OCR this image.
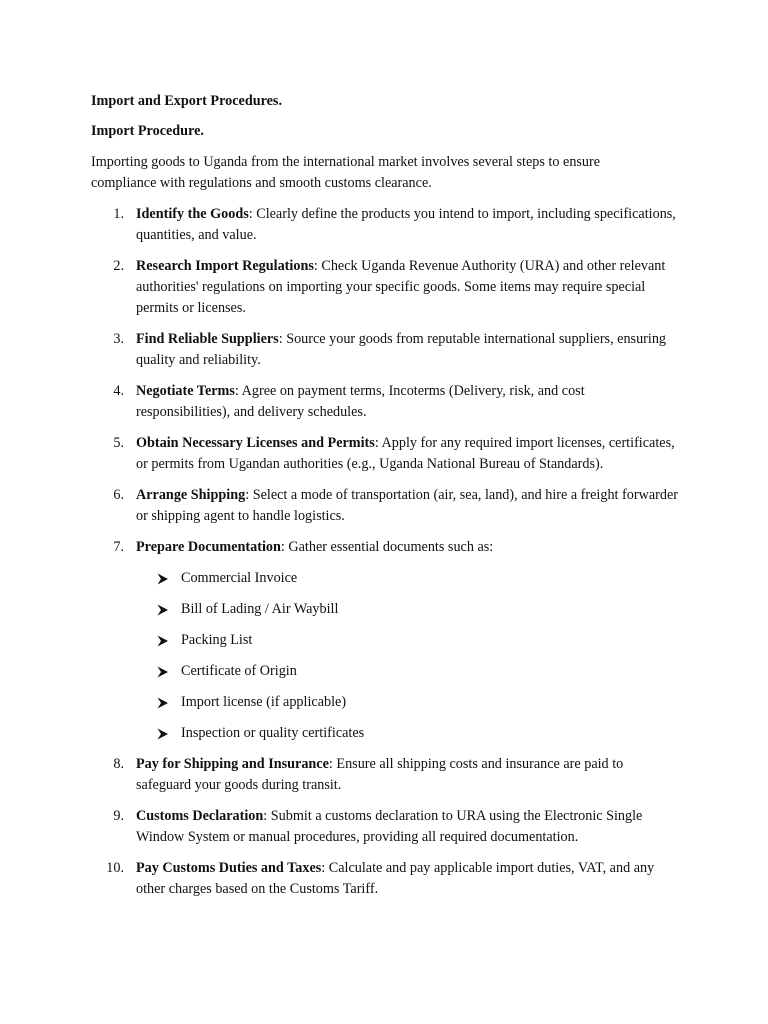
Import and Export Procedures.

Import Procedure.

Importing goods to Uganda from the international market involves several steps to ensure compliance with regulations and smooth customs clearance.

1. Identify the Goods: Clearly define the products you intend to import, including specifications, quantities, and value.
2. Research Import Regulations: Check Uganda Revenue Authority (URA) and other relevant authorities' regulations on importing your specific goods. Some items may require special permits or licenses.
3. Find Reliable Suppliers: Source your goods from reputable international suppliers, ensuring quality and reliability.
4. Negotiate Terms: Agree on payment terms, Incoterms (Delivery, risk, and cost responsibilities), and delivery schedules.
5. Obtain Necessary Licenses and Permits: Apply for any required import licenses, certificates, or permits from Ugandan authorities (e.g., Uganda National Bureau of Standards).
6. Arrange Shipping: Select a mode of transportation (air, sea, land), and hire a freight forwarder or shipping agent to handle logistics.
7. Prepare Documentation: Gather essential documents such as:
Commercial Invoice
Bill of Lading / Air Waybill
Packing List
Certificate of Origin
Import license (if applicable)
Inspection or quality certificates
8. Pay for Shipping and Insurance: Ensure all shipping costs and insurance are paid to safeguard your goods during transit.
9. Customs Declaration: Submit a customs declaration to URA using the Electronic Single Window System or manual procedures, providing all required documentation.
10. Pay Customs Duties and Taxes: Calculate and pay applicable import duties, VAT, and any other charges based on the Customs Tariff.
